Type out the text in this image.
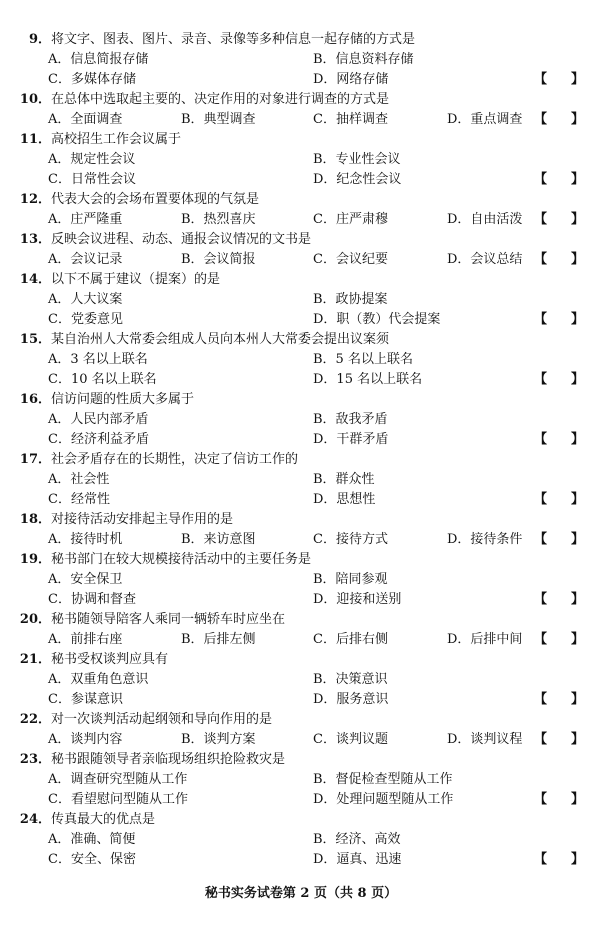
9． 将文字、图表、图片、录音、录像等多种信息一起存储的方式是
A．信息简报存储	B．信息资料存储
C．多媒体存储	D．网络存储	【 】
10． 在总体中选取起主要的、决定作用的对象进行调查的方式是
A．全面调查	B．典型调查	C．抽样调查	D．重点调查 【 】
11． 高校招生工作会议属于
A．规定性会议	B．专业性会议
C．日常性会议	D．纪念性会议	【 】
12． 代表大会的会场布置要体现的气氛是
A．庄严隆重	B．热烈喜庆	C．庄严肃穆	D．自由活泼 【 】
13． 反映会议进程、动态、通报会议情况的文书是
A．会议记录	B．会议简报	C．会议纪要	D．会议总结 【 】
14． 以下不属于建议（提案）的是
A．人大议案	B．政协提案
C．党委意见	D．职（教）代会提案	【 】
15． 某自治州人大常委会组成人员向本州人大常委会提出议案须
A．3 名以上联名	B．5 名以上联名
C．10 名以上联名	D．15 名以上联名	【 】
16． 信访问题的性质大多属于
A．人民内部矛盾	B．敌我矛盾
C．经济利益矛盾	D．干群矛盾	【 】
17． 社会矛盾存在的长期性，决定了信访工作的
A．社会性	B．群众性
C．经常性	D．思想性	【 】
18． 对接待活动安排起主导作用的是
A．接待时机	B．来访意图	C．接待方式	D．接待条件 【 】
19． 秘书部门在较大规模接待活动中的主要任务是
A．安全保卫	B．陪同参观
C．协调和督查	D．迎接和送别	【 】
20． 秘书随领导陪客人乘同一辆轿车时应坐在
A．前排右座	B．后排左侧	C．后排右侧	D．后排中间 【 】
21． 秘书受权谈判应具有
A．双重角色意识	B．决策意识
C．参谋意识	D．服务意识	【 】
22． 对一次谈判活动起纲领和导向作用的是
A．谈判内容	B．谈判方案	C．谈判议题	D．谈判议程 【 】
23． 秘书跟随领导者亲临现场组织抢险救灾是
A．调查研究型随从工作	B．督促检查型随从工作
C．看望慰问型随从工作	D．处理问题型随从工作	【 】
24． 传真最大的优点是
A．准确、简便	B．经济、高效
C．安全、保密	D．逼真、迅速	【 】
秘书实务试卷第 2 页（共 8 页）
